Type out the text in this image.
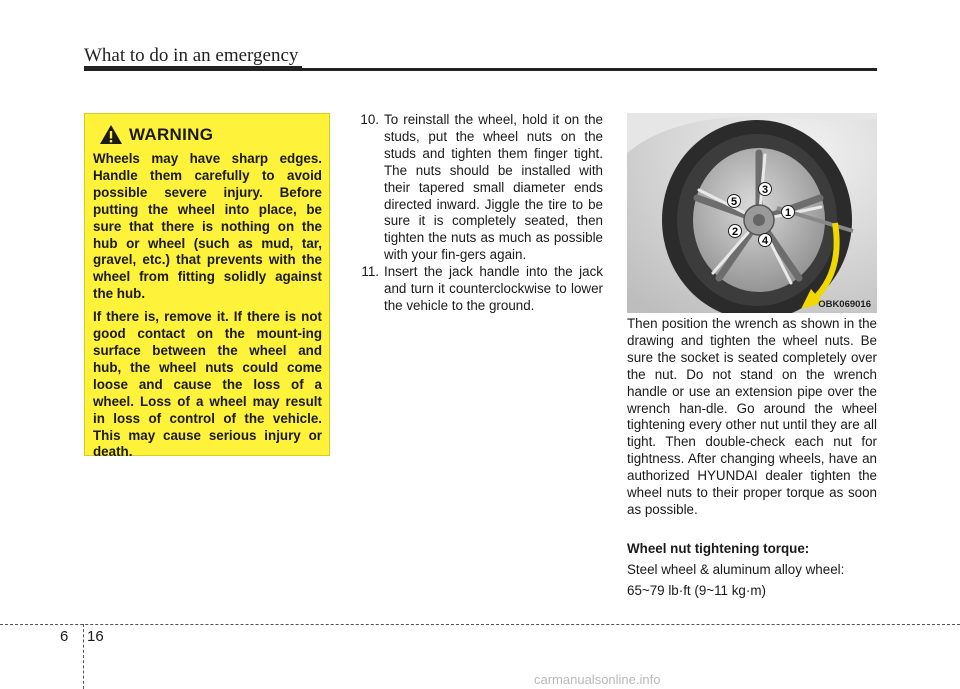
What to do in an emergency
WARNING

Wheels may have sharp edges. Handle them carefully to avoid possible severe injury. Before putting the wheel into place, be sure that there is nothing on the hub or wheel (such as mud, tar, gravel, etc.) that prevents with the wheel from fitting solidly against the hub.

If there is, remove it. If there is not good contact on the mount-ing surface between the wheel and hub, the wheel nuts could come loose and cause the loss of a wheel. Loss of a wheel may result in loss of control of the vehicle. This may cause serious injury or death.

10. To reinstall the wheel, hold it on the studs, put the wheel nuts on the studs and tighten them finger tight. The nuts should be installed with their tapered small diameter ends directed inward. Jiggle the tire to be sure it is completely seated, then tighten the nuts as much as possible with your fin-gers again.
11. Insert the jack handle into the jack and turn it counterclockwise to lower the vehicle to the ground.
1
2
3
4
5
OBK069016

Then position the wrench as shown in the drawing and tighten the wheel nuts. Be sure the socket is seated completely over the nut. Do not stand on the wrench handle or use an extension pipe over the wrench han-dle. Go around the wheel tightening every other nut until they are all tight. Then double-check each nut for tightness. After changing wheels, have an authorized HYUNDAI dealer tighten the wheel nuts to their proper torque as soon as possible.

Wheel nut tightening torque:

Steel wheel & aluminum alloy wheel:

65~79 lb·ft (9~11 kg·m)

6 16
carmanualsonline.info
